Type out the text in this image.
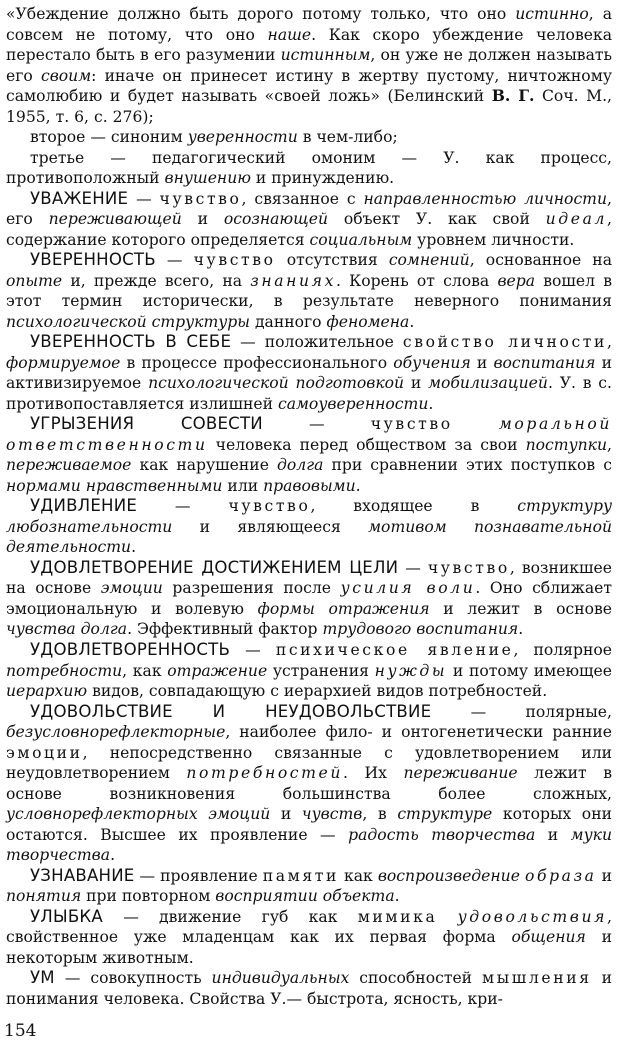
«Убеждение должно быть дорого потому только, что оно истинно, а совсем не потому, что оно наше. Как скоро убеждение человека перестало быть в его разумении истинным, он уже не должен называть его своим: иначе он принесет истину в жертву пустому, ничтожному самолюбию и будет называть «своей ложь» (Белинский В. Г. Соч. М., 1955, т. 6, с. 276);

второе — синоним уверенности в чем-либо;

третье — педагогический омоним — У. как процесс, противоположный внушению и принуждению.

УВАЖЕНИЕ — чувство, связанное с направленностью личности, его переживающей и осознающей объект У. как свой идеал, содержание которого определяется социальным уровнем личности.

УВЕРЕННОСТЬ — чувство отсутствия сомнений, основанное на опыте и, прежде всего, на знаниях. Корень от слова вера вошел в этот термин исторически, в результате неверного понимания психологической структуры данного феномена.

УВЕРЕННОСТЬ В СЕБЕ — положительное свойство личности, формируемое в процессе профессионального обучения и воспитания и активизируемое психологической подготовкой и мобилизацией. У. в с. противопоставляется излишней самоуверенности.

УГРЫЗЕНИЯ СОВЕСТИ — чувство	моральной ответственности человека перед обществом за свои поступки, переживаемое как нарушение долга при сравнении этих поступков с нормами нравственными или правовыми.

УДИВЛЕНИЕ — чувство, входящее в структуру любознательности и являющееся мотивом познавательной деятельности.

УДОВЛЕТВОРЕНИЕ ДОСТИЖЕНИЕМ ЦЕЛИ — чувство, возникшее на основе эмоции разрешения после усилия воли. Оно сближает эмоциональную и волевую формы отражения и лежит в основе чувства долга. Эффективный фактор трудового воспитания.

УДОВЛЕТВОРЕННОСТЬ — психическое явление, полярное потребности, как отражение устранения нужды и потому имеющее иерархию видов, совпадающую с иерархией видов потребностей.

УДОВОЛЬСТВИЕ И НЕУДОВОЛЬСТВИЕ — полярные, безусловнорефлекторные, наиболее фило- и онтогенетически ранние эмоции, непосредственно связанные с удовлетворением или неудовлетворением потребностей. Их переживание лежит в основе возникновения большинства более сложных, условнорефлекторных эмоций и чувств, в структуре которых они остаются. Высшее их проявление — радость творчества и муки творчества.

УЗНАВАНИЕ — проявление памяти как воспроизведение образа и понятия при повторном восприятии объекта.

УЛЫБКА — движение губ как мимика удовольствия, свойственное уже младенцам как их первая форма общения и некоторым животным.

УМ — совокупность индивидуальных способностей мышления и понимания человека. Свойства У.— быстрота, ясность, кри-

154
